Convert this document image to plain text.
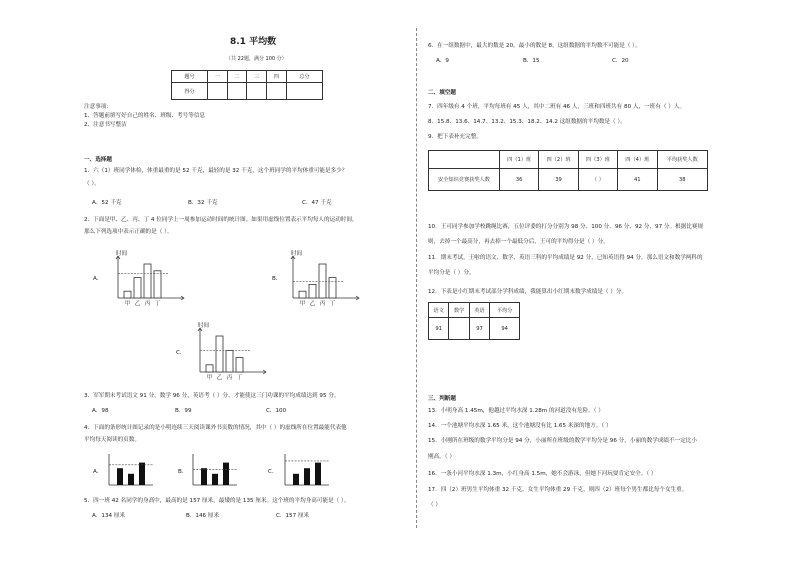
8.1 平均数
（共 22题，满分 100 分）
题号	一	二	三	四	总分
得分					
注意事项：
1、答题前填写好自己的姓名、班级、考号等信息
2、注意书写整洁
一、选择题
1．六（1）班同学体检，体重最重的是 52 千克，最轻的是 32 千克，这个班同学的平均体重可能是多少？
（ ）。
A．52 千克	B．32 千克	C．47 千克
2．下面是甲、乙、丙、丁 4 位同学上一周参加运动时间的统计图。如果用虚线位置表示平均每人的运动时间，
那么下列选项中表示正确的是（ ）。
A．
时间
甲 乙 丙 丁
B．
时间
甲 乙 丙 丁
C．
时间
甲 乙 丙 丁
3．军军期末考试语文 91 分，数学 96 分，英语考（ ）分，才能使这三门功课的平均成绩达到 95 分。
A．98	B．99	C．100
4．下面的条形统计图记录的是小明连续三天阅读课外书页数的情况，其中（ ）的虚线所在位置最能代表他
平均每天阅读的页数。
A．	B．	C．
5．四一班 42 名同学的身高中，最高的是 157 厘米，最矮的是 135 厘米。这个班的平均身高可能是（ ）。
A．134 厘米	B．146 厘米	C．157 厘米
6．在一组数据中，最大的数是 20，最小的数是 8，这组数据的平均数不可能是（ ）。
A．9	B．15	C．20
二、填空题
7．四年级有 4 个班，平均每班有 45 人，其中二班有 46 人，三班和四班共有 80 人，一班有（ ）人。
8．15.8、13.6、14.7、13.2、15.3、18.2、14.2 这组数据的平均数是（ ）。
9．把下表补充完整。
	四（1）班	四（2）班	四（3）班	四（4）班	平均获奖人数
安全知识竞赛获奖人数	36	39	（ ）	41	38
10．王可同学参加学校跳绳比赛，五位评委的打分分别为 98 分、100 分、96 分、92 分、97 分。根据比赛规
则，去掉一个最高分，再去掉一个最低分后，王可的平均得分是（ ）分。
11．期末考试，王啦的语文、数学、英语三科的平均成绩是 92 分，已知英语得 94 分，那么语文和数学两科的
平均分是（ ）分。
12．下表是小红期末考试部分学科成绩，我能算出小红期末数学成绩是（ ）分。
语文	数学	英语	平均分
91		97	94
三、判断题
13．小明身高 1.45m，他越过平均水深 1.28m 的河道没有危险。（ ）
14．一个池塘平均水深 1.65 米，这个池塘没有比 1.65 米深的地方。（ ）
15．小刚所在班级的数学平均分是 94 分，小丽所在班级的数学平均分是 96 分，小丽的数学成绩不一定比小
刚高。（ ）
16．一条小河平均水深 1.3m，小红身高 1.5m，她不会游泳，但她下河玩耍肯定安全。（ ）
17．四（2）班男生平均体重 32 千克，女生平均体重 29 千克，则四（2）班每个男生都比每个女生重。
（ ）
